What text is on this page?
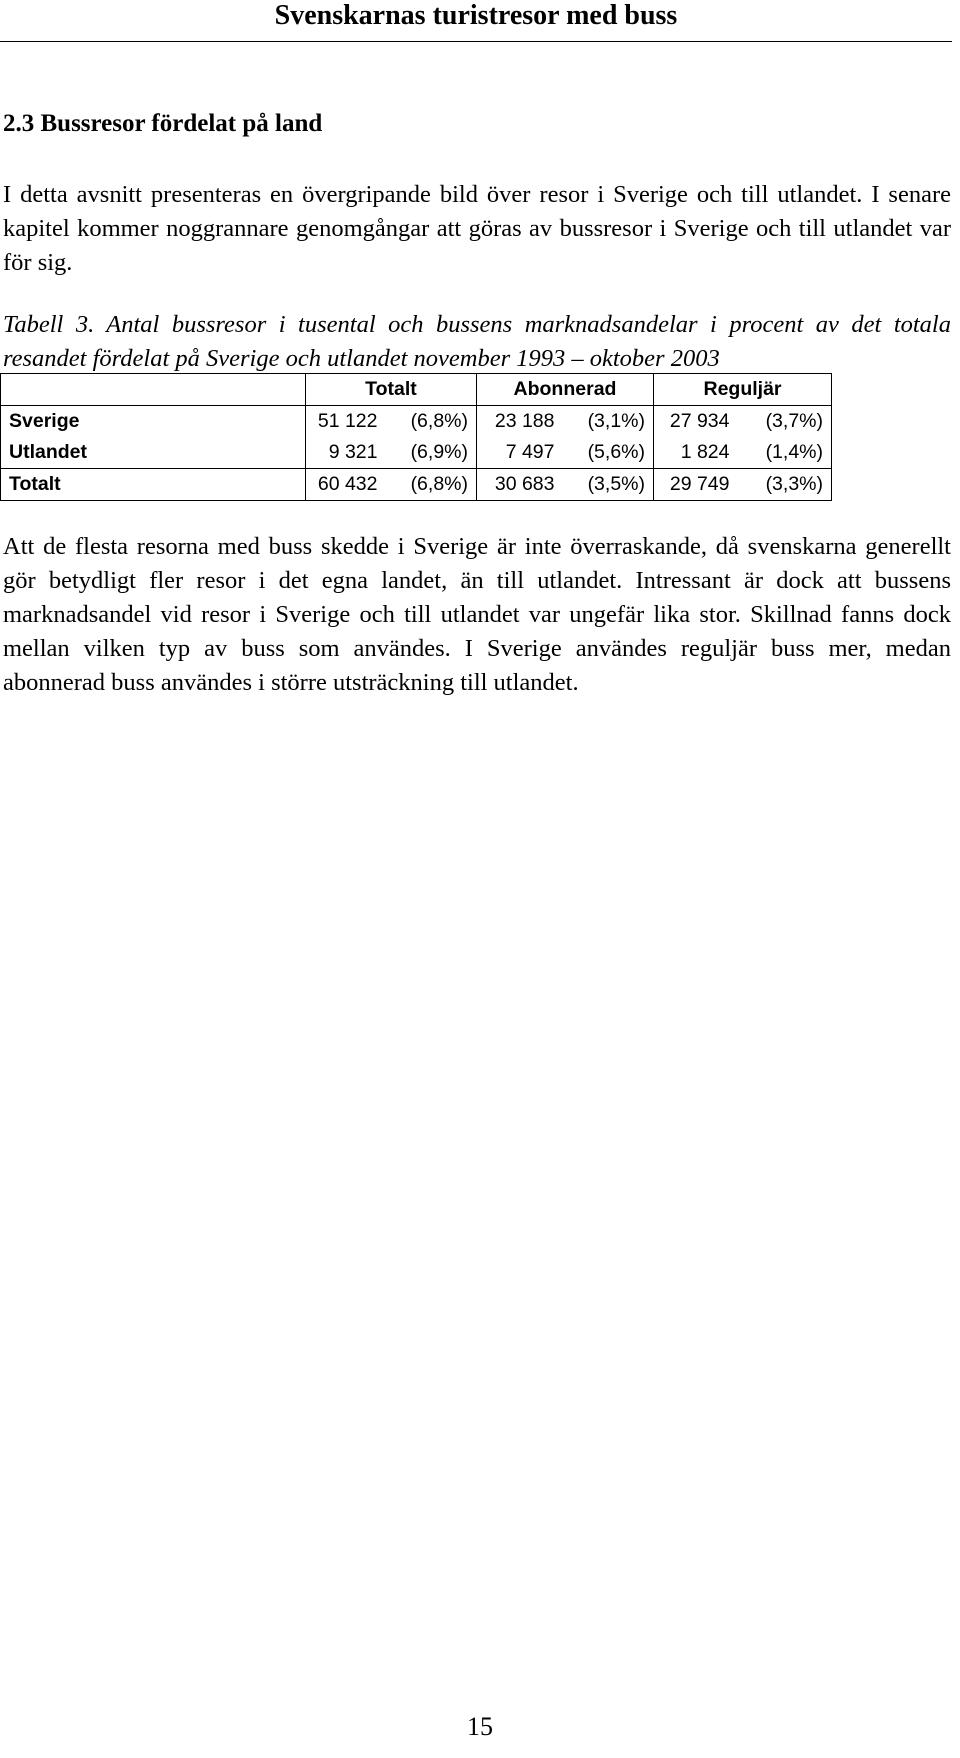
Svenskarnas turistresor med buss
2.3 Bussresor fördelat på land
I detta avsnitt presenteras en övergripande bild över resor i Sverige och till utlandet. I senare kapitel kommer noggrannare genomgångar att göras av bussresor i Sverige och till utlandet var för sig.
Tabell 3. Antal bussresor i tusental och bussens marknadsandelar i procent av det totala resandet fördelat på Sverige och utlandet november 1993 – oktober 2003
	Totalt		Abonnerad		Reguljär	
Sverige	51 122	(6,8%)	23 188	(3,1%)	27 934	(3,7%)
Utlandet	9 321	(6,9%)	7 497	(5,6%)	1 824	(1,4%)
Totalt	60 432	(6,8%)	30 683	(3,5%)	29 749	(3,3%)
Att de flesta resorna med buss skedde i Sverige är inte överraskande, då svenskarna generellt gör betydligt fler resor i det egna landet, än till utlandet. Intressant är dock att bussens marknadsandel vid resor i Sverige och till utlandet var ungefär lika stor. Skillnad fanns dock mellan vilken typ av buss som användes. I Sverige användes reguljär buss mer, medan abonnerad buss användes i större utsträckning till utlandet.
15
